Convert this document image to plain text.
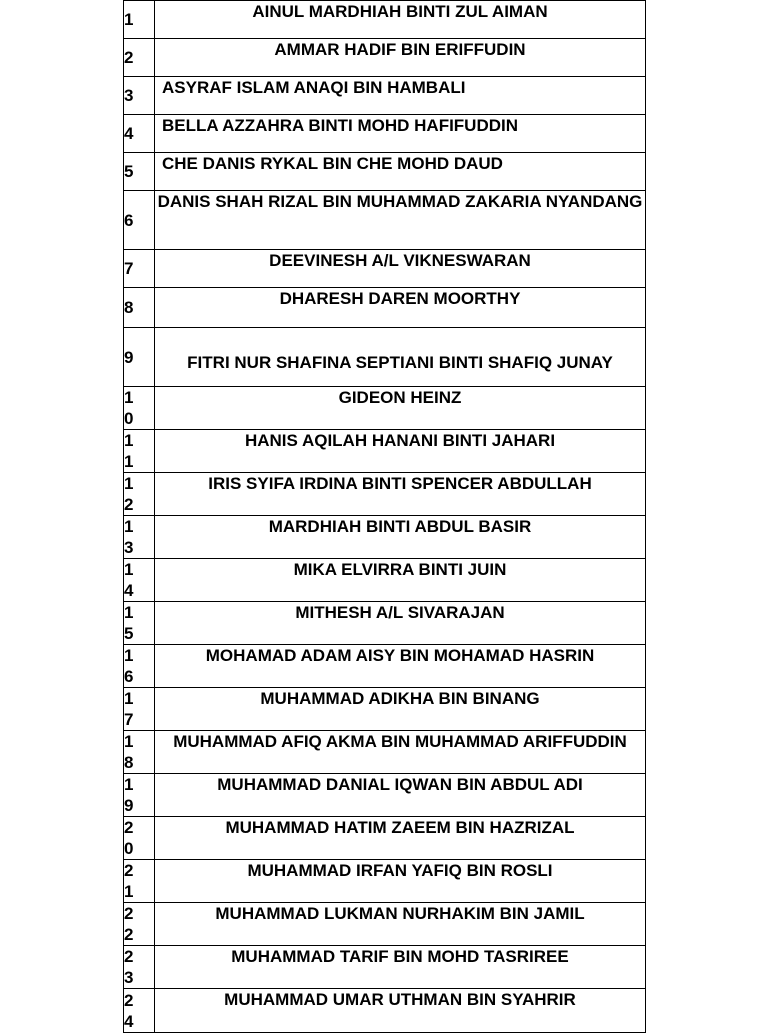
1	AINUL MARDHIAH BINTI ZUL AIMAN

2	AMMAR HADIF BIN ERIFFUDIN

3	ASYRAF ISLAM ANAQI BIN HAMBALI

4	BELLA AZZAHRA BINTI MOHD HAFIFUDDIN

5	CHE DANIS RYKAL BIN CHE MOHD DAUD

6	DANIS SHAH RIZAL BIN MUHAMMAD ZAKARIA NYANDANG

7	DEEVINESH A/L VIKNESWARAN

8	DHARESH DAREN MOORTHY

9	FITRI NUR SHAFINA SEPTIANI BINTI SHAFIQ JUNAY

10	GIDEON HEINZ

11	HANIS AQILAH HANANI BINTI JAHARI

12	IRIS SYIFA IRDINA BINTI SPENCER ABDULLAH

13	MARDHIAH BINTI ABDUL BASIR

14	MIKA ELVIRRA BINTI JUIN

15	MITHESH A/L SIVARAJAN

16	MOHAMAD ADAM AISY BIN MOHAMAD HASRIN

17	MUHAMMAD ADIKHA BIN BINANG

18	MUHAMMAD AFIQ AKMA BIN MUHAMMAD ARIFFUDDIN

19	MUHAMMAD DANIAL IQWAN BIN ABDUL ADI

20	MUHAMMAD HATIM ZAEEM BIN HAZRIZAL

21	MUHAMMAD IRFAN YAFIQ BIN ROSLI

22	MUHAMMAD LUKMAN NURHAKIM BIN JAMIL

23	MUHAMMAD TARIF BIN MOHD TASRIREE

24	MUHAMMAD UMAR UTHMAN BIN SYAHRIR
